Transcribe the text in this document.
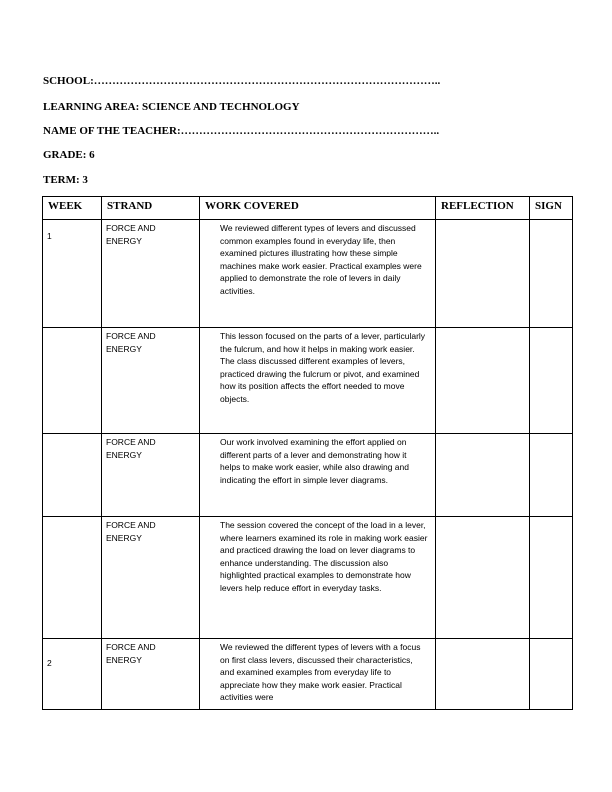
SCHOOL:…………………………………………………………………………………..
LEARNING AREA: SCIENCE AND TECHNOLOGY
NAME OF THE TEACHER:……………………………………………………………..
GRADE: 6
TERM: 3
WEEK	STRAND	WORK COVERED	REFLECTION	SIGN
1	FORCE AND ENERGY	We reviewed different types of levers and discussed common examples found in everyday life, then examined pictures illustrating how these simple machines make work easier. Practical examples were applied to demonstrate the role of levers in daily activities.		

	FORCE AND ENERGY	This lesson focused on the parts of a lever, particularly the fulcrum, and how it helps in making work easier. The class discussed different examples of levers, practiced drawing the fulcrum or pivot, and examined how its position affects the effort needed to move objects.		

	FORCE AND ENERGY	Our work involved examining the effort applied on different parts of a lever and demonstrating how it helps to make work easier, while also drawing and indicating the effort in simple lever diagrams.		

	FORCE AND ENERGY	The session covered the concept of the load in a lever, where learners examined its role in making work easier and practiced drawing the load on lever diagrams to enhance understanding. The discussion also highlighted practical examples to demonstrate how levers help reduce effort in everyday tasks.		

2	FORCE AND ENERGY	We reviewed the different types of levers with a focus on first class levers, discussed their characteristics, and examined examples from everyday life to appreciate how they make work easier. Practical activities were		
